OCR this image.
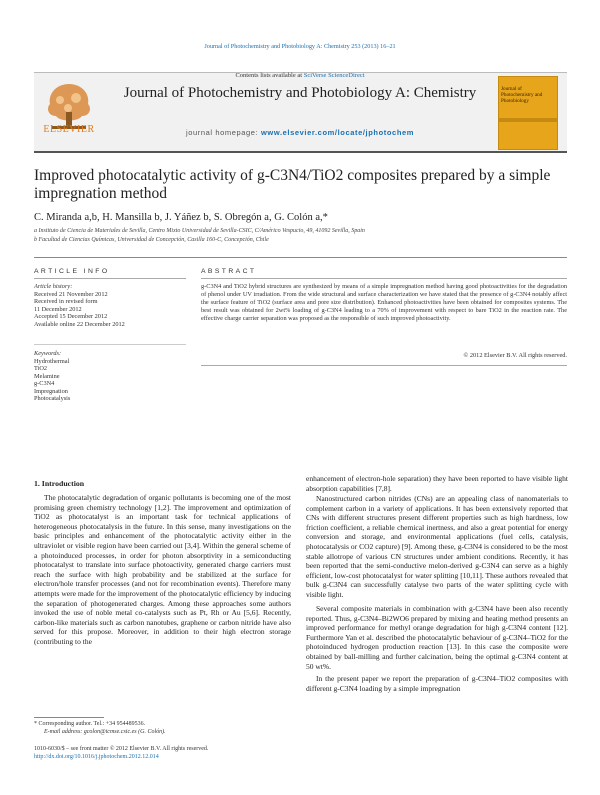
Journal of Photochemistry and Photobiology A: Chemistry 253 (2013) 16–21
Contents lists available at SciVerse ScienceDirect
Journal of Photochemistry and Photobiology A: Chemistry
journal homepage: www.elsevier.com/locate/jphotochem
ELSEVIER
Journal of Photochemistry and Photobiology
Improved photocatalytic activity of g-C3N4/TiO2 composites prepared by a simple impregnation method
C. Miranda a,b, H. Mansilla b, J. Yáñez b, S. Obregón a, G. Colón a,*
a Instituto de Ciencia de Materiales de Sevilla, Centro Mixto Universidad de Sevilla-CSIC, C/Américo Vespucio, 49, 41092 Sevilla, Spain
b Facultad de Ciencias Químicas, Universidad de Concepción, Casilla 160-C, Concepción, Chile
ARTICLE INFO	ABSTRACT
Article history:
Received 21 November 2012
Received in revised form
11 December 2012
Accepted 15 December 2012
Available online 22 December 2012
Keywords:
Hydrothermal
TiO2
Melamine
g-C3N4
Impregnation
Photocatalysis
g-C3N4 and TiO2 hybrid structures are synthesized by means of a simple impregnation method having good photoactivities for the degradation of phenol under UV irradiation. From the wide structural and surface characterization we have stated that the presence of g-C3N4 notably affect the surface feature of TiO2 (surface area and pore size distribution). Enhanced photoactivities have been obtained for composites systems. The best result was obtained for 2wt% loading of g-C3N4 leading to a 70% of improvement with respect to bare TiO2 in the reaction rate. The effective charge carrier separation was proposed as the responsible of such improved photoactivity.
© 2012 Elsevier B.V. All rights reserved.
1. Introduction
The photocatalytic degradation of organic pollutants is becoming one of the most promising green chemistry technology [1,2]. The improvement and optimization of TiO2 as photocatalyst is an important task for technical applications of heterogeneous photocatalysis in the future. In this sense, many investigations on the basic principles and enhancement of the photocatalytic activity either in the ultraviolet or visible region have been carried out [3,4]. Within the general scheme of a photoinduced processes, in order for photon absorptivity in a semiconducting photocatalyst to translate into surface photoactivity, generated charge carriers must reach the surface with high probability and be stabilized at the surface for electron/hole transfer processes (and not for recombination events). Therefore many attempts were made for the improvement of the photocatalytic efficiency by inducing the separation of photogenerated charges. Among these approaches some authors invoked the use of noble metal co-catalysts such as Pt, Rh or Au [5,6]. Recently, carbon-like materials such as carbon nanotubes, graphene or carbon nitride have also served for this propose. Moreover, in addition to their high electron storage (contributing to the
enhancement of electron-hole separation) they have been reported to have visible light absorption capabilities [7,8].
Nanostructured carbon nitrides (CNs) are an appealing class of nanomaterials to complement carbon in a variety of applications. It has been extensively reported that CNs with different structures present different properties such as high hardness, low friction coefficient, a reliable chemical inertness, and also a great potential for energy conversion and storage, and environmental applications (fuel cells, catalysis, photocatalysis or CO2 capture) [9]. Among these, g-C3N4 is considered to be the most stable allotrope of various CN structures under ambient conditions. Recently, it has been reported that the semi-conductive melon-derived g-C3N4 can serve as a highly efficient, low-cost photocatalyst for water splitting [10,11]. These authors revealed that bulk g-C3N4 can successfully catalyse two parts of the water splitting cycle with visible light.
Several composite materials in combination with g-C3N4 have been also recently reported. Thus, g-C3N4–Bi2WO6 prepared by mixing and heating method presents an improved performance for methyl orange degradation for high g-C3N4 content [12]. Furthermore Yan et al. described the photocatalytic behaviour of g-C3N4–TiO2 for the photoinduced hydrogen production reaction [13]. In this case the composite were obtained by ball-milling and further calcination, being the optimal g-C3N4 content at 50 wt%.
In the present paper we report the preparation of g-C3N4–TiO2 composites with different g-C3N4 loading by a simple impregnation
* Corresponding author. Tel.: +34 954489536.
E-mail address: gcolon@icmse.csic.es (G. Colón).
1010-6030/$ – see front matter © 2012 Elsevier B.V. All rights reserved.
http://dx.doi.org/10.1016/j.jphotochem.2012.12.014
